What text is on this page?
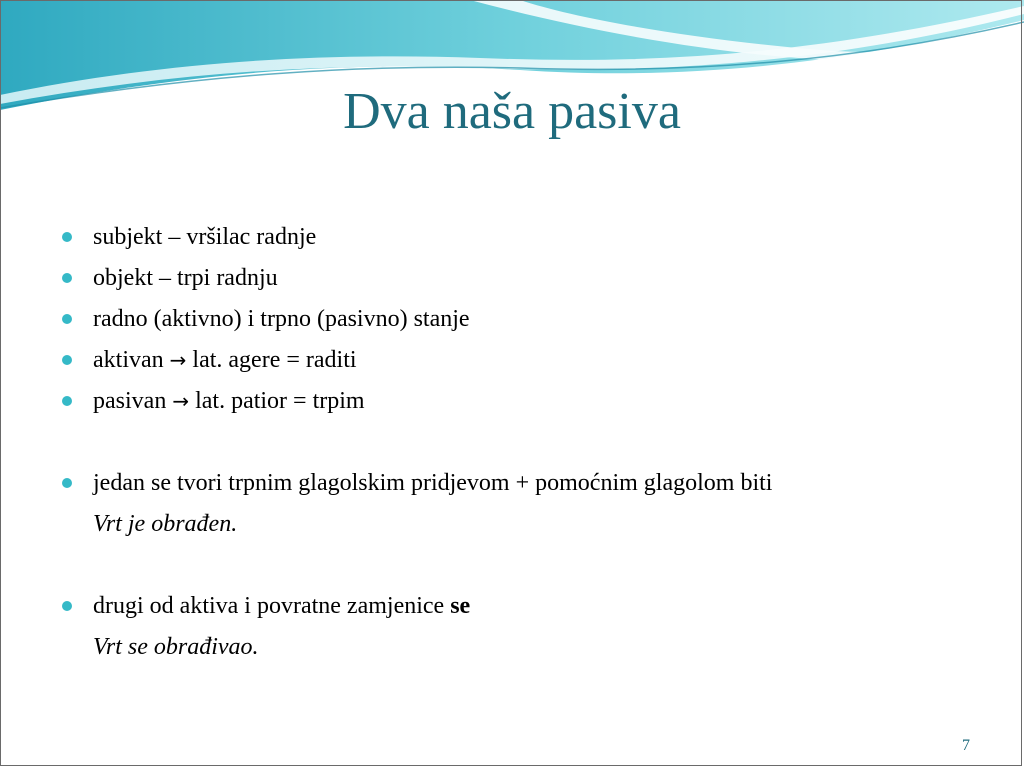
Dva naša pasiva
subjekt – vršilac radnje
objekt – trpi radnju
radno (aktivno) i trpno (pasivno) stanje
aktivan → lat. agere = raditi
pasivan → lat. patior = trpim
jedan se tvori trpnim glagolskim pridjevom + pomoćnim glagolom biti
Vrt je obrađen.
drugi od aktiva i povratne zamjenice se
Vrt se obrađivao.
7
